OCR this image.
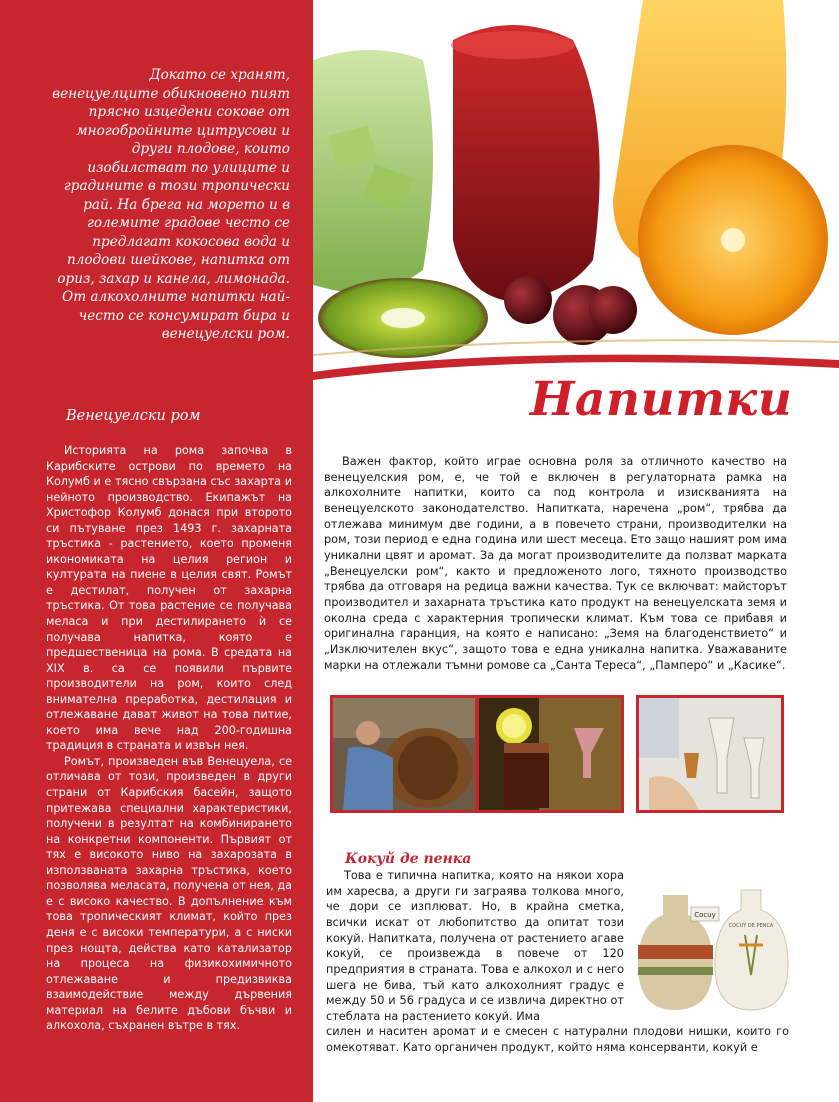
Докато се хранят, венецуелците обикновено пият прясно изцедени сокове от многобройните цитрусови и други плодове, които изобилстват по улиците и градините в този тропически рай. На брега на морето и в големите градове често се предлагат кокосова вода и плодови шейкове, напитка от ориз, захар и канела, лимонада. От алкохолните напитки най-често се консумират бира и венецуелски ром.

Венецуелски ром

Историята на рома започва в Карибските острови по времето на Колумб и е тясно свързана със захарта и нейното производство. Екипажът на Христофор Колумб донася при второто си пътуване през 1493 г. захарната тръстика - растението, което променя икономиката на целия регион и културата на пиене в целия свят. Ромът е дестилат, получен от захарна тръстика. От това растение се получава меласа и при дестилирането ѝ се получава напитка, която е предшественица на рома. В средата на XIX в. са се появили първите производители на ром, които след внимателна преработка, дестилация и отлежаване дават живот на това питие, което има вече над 200-годишна традиция в страната и извън нея.

Ромът, произведен във Венецуела, се отличава от този, произведен в други страни от Карибския басейн, защото притежава специални характеристики, получени в резултат на комбинирането на конкретни компоненти. Първият от тях е високото ниво на захарозата в използваната захарна тръстика, което позволява меласата, получена от нея, да е с високо качество. В допълнение към това тропическият климат, който през деня е с високи температури, а с ниски през нощта, действа като катализатор на процеса на физикохимичното отлежаване и предизвиква взаимодействие между дървения материал на белите дъбови бъчви и алкохола, съхранен вътре в тях.

Напитки

Важен фактор, който играе основна роля за отличното качество на венецуелския ром, е, че той е включен в регулаторната рамка на алкохолните напитки, които са под контрола и изискванията на венецуелското законодателство. Напитката, наречена „ром“, трябва да отлежава минимум две години, а в повечето страни, производителки на ром, този период е една година или шест месеца. Ето защо нашият ром има уникални цвят и аромат. За да могат производителите да ползват марката „Венецуелски ром“, както и предложеното лого, тяхното производство трябва да отговаря на редица важни качества. Тук се включват: майсторът производител и захарната тръстика като продукт на венецуелската земя и околна среда с характерния тропически климат. Към това се прибавя и оригинална гаранция, на която е написано: „Земя на благоденствието“ и „Изключителен вкус“, защото това е една уникална напитка. Уважаваните марки на отлежали тъмни ромове са „Санта Тереса“, „Памперо“ и „Касике“.

Кокуй де пенка

Това е типична напитка, която на някои хора им харесва, а други ги заграява толкова много, че дори се изплюват. Но, в крайна сметка, всички искат от любопитство да опитат този кокуй. Напитката, получена от растението агаве кокуй, се произвежда в повече от 120 предприятия в страната. Това е алкохол и с него шега не бива, тъй като алкохолният градус е между 50 и 56 градуса и се извлича директно от стеблата на растението кокуй. Има

силен и наситен аромат и е смесен с натурални плодови нишки, които го омекотяват. Като органичен продукт, който няма консерванти, кокуй е

Cocuy
COCUY DE PENCA
